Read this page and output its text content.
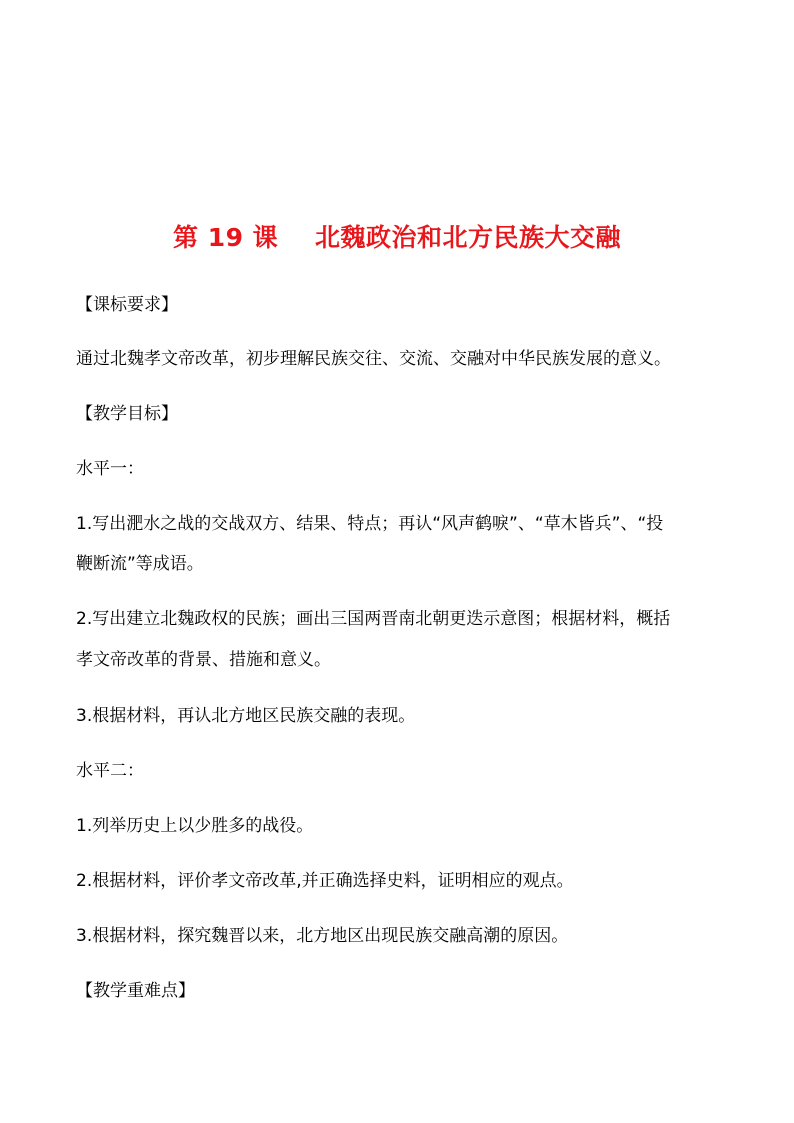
第 19 课    北魏政治和北方民族大交融
【课标要求】
通过北魏孝文帝改革，初步理解民族交往、交流、交融对中华民族发展的意义。
【教学目标】
水平一：
1.写出淝水之战的交战双方、结果、特点；再认“风声鹤唳”、“草木皆兵”、“投
鞭断流”等成语。
2.写出建立北魏政权的民族；画出三国两晋南北朝更迭示意图；根据材料，概括
孝文帝改革的背景、措施和意义。
3.根据材料，再认北方地区民族交融的表现。
水平二：
1.列举历史上以少胜多的战役。
2.根据材料，评价孝文帝改革,并正确选择史料，证明相应的观点。
3.根据材料，探究魏晋以来，北方地区出现民族交融高潮的原因。
【教学重难点】
